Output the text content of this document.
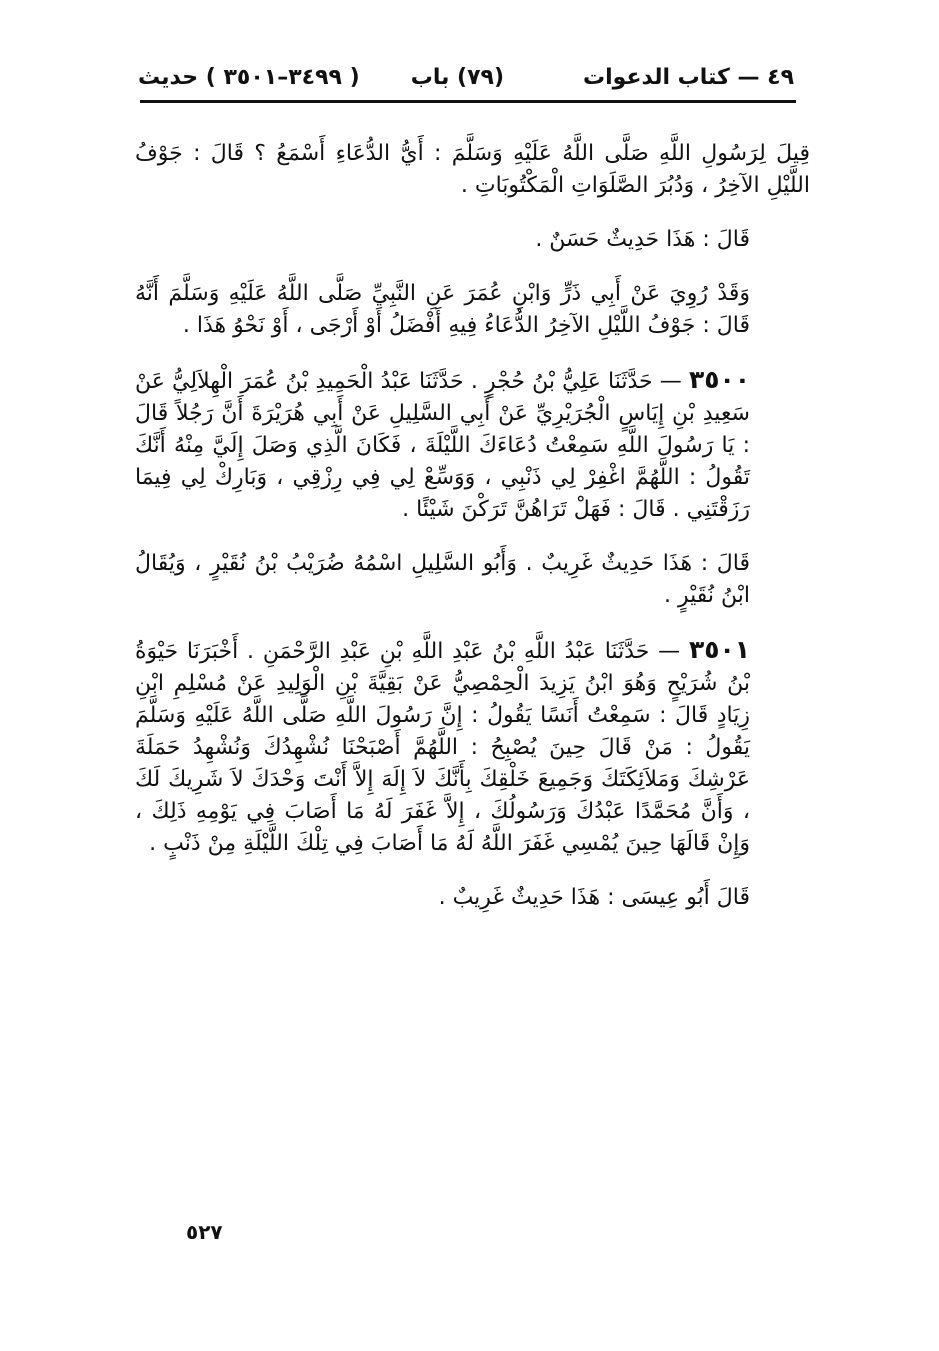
٤٩ — كتاب الدعوات
(٧٩) باب
( ٣٤٩٩–٣٥٠١ ) حديث

قِيلَ لِرَسُولِ اللَّهِ صَلَّى اللَّهُ عَلَيْهِ وَسَلَّمَ : أَيُّ الدُّعَاءِ أَسْمَعُ ؟ قَالَ : جَوْفُ اللَّيْلِ الآخِرُ ، وَدُبُرَ الصَّلَوَاتِ الْمَكْتُوبَاتِ .

قَالَ : هَذَا حَدِيثٌ حَسَنٌ .

وَقَدْ رُوِيَ عَنْ أَبِي ذَرٍّ وَابْنِ عُمَرَ عَنِ النَّبِيِّ صَلَّى اللَّهُ عَلَيْهِ وَسَلَّمَ أَنَّهُ قَالَ : جَوْفُ اللَّيْلِ الآخِرُ الدُّعَاءُ فِيهِ أَفْضَلُ أَوْ أَرْجَى ، أَوْ نَحْوُ هَذَا .

٣٥٠٠ — حَدَّثَنَا عَلِيُّ بْنُ حُجْرٍ . حَدَّثَنَا عَبْدُ الْحَمِيدِ بْنُ عُمَرَ الْهِلاَلِيُّ عَنْ سَعِيدِ بْنِ إِيَاسٍ الْجُرَيْرِيِّ عَنْ أَبِي السَّلِيلِ عَنْ أَبِي هُرَيْرَةَ أَنَّ رَجُلاً قَالَ : يَا رَسُولَ اللَّهِ سَمِعْتُ دُعَاءَكَ اللَّيْلَةَ ، فَكَانَ الَّذِي وَصَلَ إِلَيَّ مِنْهُ أَنَّكَ تَقُولُ : اللَّهُمَّ اغْفِرْ لِي ذَنْبِي ، وَوَسِّعْ لِي فِي رِزْقِي ، وَبَارِكْ لِي فِيمَا رَزَقْتَنِي . قَالَ : فَهَلْ تَرَاهُنَّ تَرَكْنَ شَيْئًا .

قَالَ : هَذَا حَدِيثٌ غَرِيبٌ . وَأَبُو السَّلِيلِ اسْمُهُ ضُرَيْبُ بْنُ نُقَيْرٍ ، وَيُقَالُ ابْنُ نُقَيْرٍ .

٣٥٠١ — حَدَّثَنَا عَبْدُ اللَّهِ بْنُ عَبْدِ اللَّهِ بْنِ عَبْدِ الرَّحْمَنِ . أَخْبَرَنَا حَيْوَةُ بْنُ شُرَيْحٍ وَهُوَ ابْنُ يَزِيدَ الْحِمْصِيُّ عَنْ بَقِيَّةَ بْنِ الْوَلِيدِ عَنْ مُسْلِمِ ابْنِ زِيَادٍ قَالَ : سَمِعْتُ أَنَسًا يَقُولُ : إِنَّ رَسُولَ اللَّهِ صَلَّى اللَّهُ عَلَيْهِ وَسَلَّمَ يَقُولُ : مَنْ قَالَ حِينَ يُصْبِحُ : اللَّهُمَّ أَصْبَحْنَا نُشْهِدُكَ وَنُشْهِدُ حَمَلَةَ عَرْشِكَ وَمَلاَئِكَتَكَ وَجَمِيعَ خَلْقِكَ بِأَنَّكَ لاَ إِلَهَ إِلاَّ أَنْتَ وَحْدَكَ لاَ شَرِيكَ لَكَ ، وَأَنَّ مُحَمَّدًا عَبْدُكَ وَرَسُولُكَ ، إِلاَّ غَفَرَ لَهُ مَا أَصَابَ فِي يَوْمِهِ ذَلِكَ ، وَإِنْ قَالَهَا حِينَ يُمْسِي غَفَرَ اللَّهُ لَهُ مَا أَصَابَ فِي تِلْكَ اللَّيْلَةِ مِنْ ذَنْبٍ .

قَالَ أَبُو عِيسَى : هَذَا حَدِيثٌ غَرِيبٌ .

٥٢٧
